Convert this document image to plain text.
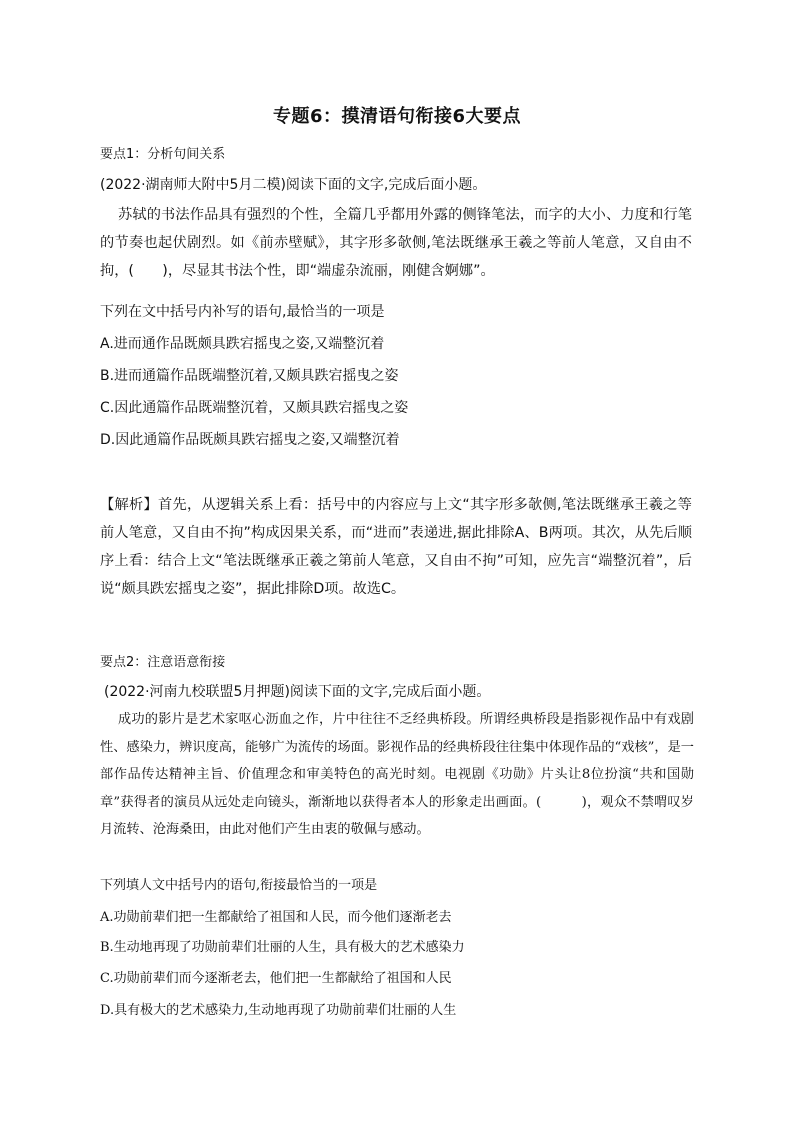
专题6：摸清语句衔接6大要点
要点1：分析句间关系
(2022·湖南师大附中5月二模)阅读下面的文字,完成后面小题。
苏轼的书法作品具有强烈的个性，全篇几乎都用外露的侧锋笔法，而字的大小、力度和行笔的节奏也起伏剧烈。如《前赤壁赋》，其字形多欹侧,笔法既继承王羲之等前人笔意，又自由不拘，(　　)，尽显其书法个性，即“端虚杂流丽，刚健含婀娜”。
下列在文中括号内补写的语句,最恰当的一项是
A.进而通作品既颇具跌宕摇曳之姿,又端整沉着
B.进而通篇作品既端整沉着,又颇具跌宕摇曳之姿
C.因此通篇作品既端整沉着，又颇具跌宕摇曳之姿
D.因此通篇作品既颇具跌宕摇曳之姿,又端整沉着
【解析】首先，从逻辑关系上看：括号中的内容应与上文“其字形多欹侧,笔法既继承王羲之等前人笔意，又自由不拘”构成因果关系，而“进而”表递进,据此排除A、B两项。其次，从先后顺序上看：结合上文“笔法既继承正羲之第前人笔意，又自由不拘”可知，应先言“端整沉着”，后说“颇具跌宏摇曳之姿”，据此排除D项。故选C。
要点2：注意语意衔接
(2022·河南九校联盟5月押题)阅读下面的文字,完成后面小题。
成功的影片是艺术家呕心沥血之作，片中往往不乏经典桥段。所谓经典桥段是指影视作品中有戏剧性、感染力，辨识度高，能够广为流传的场面。影视作品的经典桥段往往集中体现作品的“戏核”，是一部作品传达精神主旨、价值理念和审美特色的高光时刻。电视剧《功勋》片头让8位扮演“共和国勋章”获得者的演员从远处走向镜头，渐渐地以获得者本人的形象走出画面。(　　　)，观众不禁喟叹岁月流转、沧海桑田，由此对他们产生由衷的敬佩与感动。
下列填人文中括号内的语句,衔接最恰当的一项是
A.功勋前辈们把一生都献给了祖国和人民，而今他们逐渐老去
B.生动地再现了功勋前辈们壮丽的人生，具有极大的艺术感染力
C.功勋前辈们而今逐渐老去，他们把一生都献给了祖国和人民
D.具有极大的艺术感染力,生动地再现了功勋前辈们壮丽的人生
